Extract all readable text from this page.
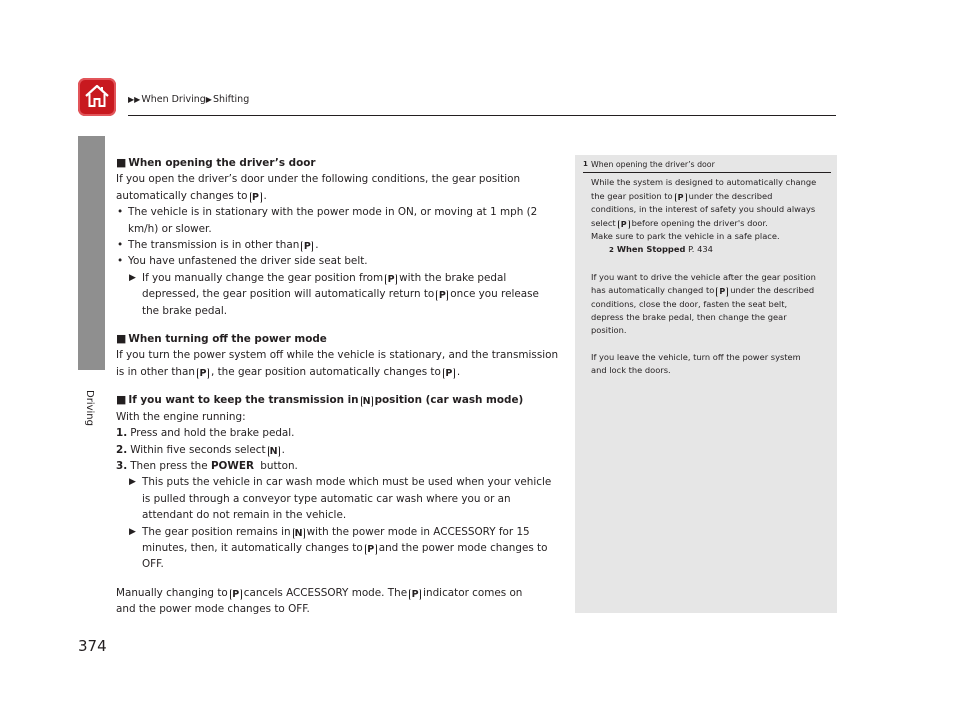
▶▶When Driving▶Shifting
Driving
374

■ When opening the driver’s door

If you open the driver’s door under the following conditions, the gear position

automatically changes to P .

• The vehicle is in stationary with the power mode in ON, or moving at 1 mph (2
km/h) or slower.
• The transmission is in other than P .
• You have unfastened the driver side seat belt.
▶ If you manually change the gear position from P with the brake pedal
depressed, the gear position will automatically return to P once you release
the brake pedal.

■ When turning off the power mode

If you turn the power system off while the vehicle is stationary, and the transmission

is in other than P , the gear position automatically changes to P .

■ If you want to keep the transmission in N position (car wash mode)

With the engine running:

1. Press and hold the brake pedal.

2. Within five seconds select N .

3. Then press the POWER button.

▶ This puts the vehicle in car wash mode which must be used when your vehicle
is pulled through a conveyor type automatic car wash where you or an
attendant do not remain in the vehicle.
▶ The gear position remains in N with the power mode in ACCESSORY for 15
minutes, then, it automatically changes to P and the power mode changes to
OFF.

Manually changing to P cancels ACCESSORY mode. The P indicator comes on

and the power mode changes to OFF.

1 When opening the driver’s door

While the system is designed to automatically change

the gear position to P under the described

conditions, in the interest of safety you should always

select P before opening the driver's door.

Make sure to park the vehicle in a safe place.

2 When Stopped P. 434

If you want to drive the vehicle after the gear position

has automatically changed to P under the described

conditions, close the door, fasten the seat belt,

depress the brake pedal, then change the gear

position.

If you leave the vehicle, turn off the power system

and lock the doors.
